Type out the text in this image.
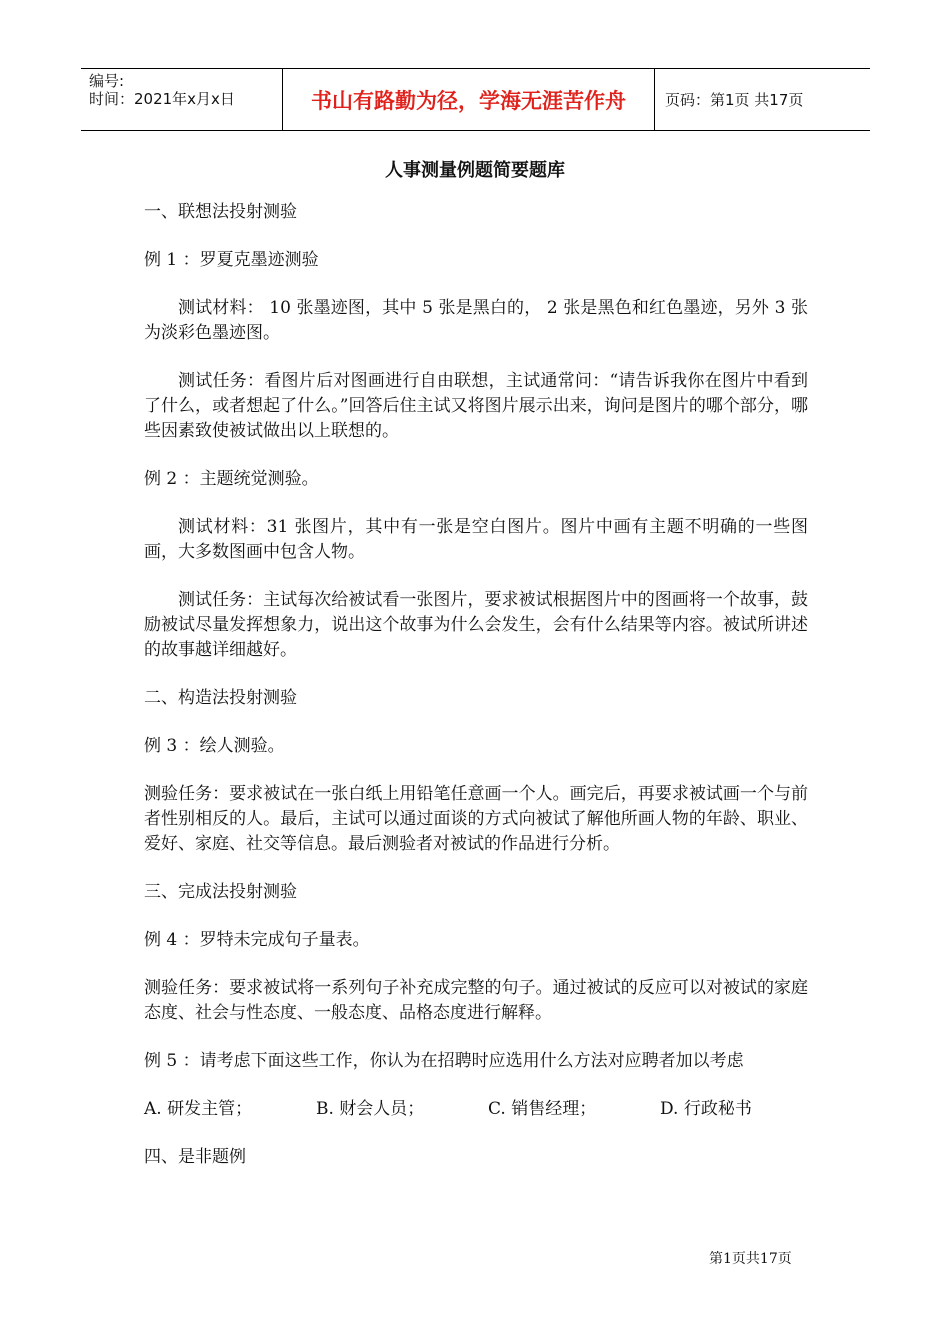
编号:
时间：2021年x月x日	书山有路勤为径，学海无涯苦作舟	页码：第1页 共17页
人事测量例题简要题库

一、联想法投射测验

例 1 ：罗夏克墨迹测验

测试材料： 10 张墨迹图，其中 5 张是黑白的， 2 张是黑色和红色墨迹，另外 3 张为淡彩色墨迹图。

测试任务：看图片后对图画进行自由联想，主试通常问：“请告诉我你在图片中看到了什么，或者想起了什么。”回答后住主试又将图片展示出来，询问是图片的哪个部分，哪些因素致使被试做出以上联想的。

例 2 ：主题统觉测验。

测试材料：31 张图片，其中有一张是空白图片。图片中画有主题不明确的一些图画，大多数图画中包含人物。

测试任务：主试每次给被试看一张图片，要求被试根据图片中的图画将一个故事，鼓励被试尽量发挥想象力，说出这个故事为什么会发生，会有什么结果等内容。被试所讲述的故事越详细越好。

二、构造法投射测验

例 3 ：绘人测验。

测验任务：要求被试在一张白纸上用铅笔任意画一个人。画完后，再要求被试画一个与前者性别相反的人。最后，主试可以通过面谈的方式向被试了解他所画人物的年龄、职业、爱好、家庭、社交等信息。最后测验者对被试的作品进行分析。

三、完成法投射测验

例 4 ：罗特未完成句子量表。

测验任务：要求被试将一系列句子补充成完整的句子。通过被试的反应可以对被试的家庭态度、社会与性态度、一般态度、品格态度进行解释。

例 5 ：请考虑下面这些工作，你认为在招聘时应选用什么方法对应聘者加以考虑

A. 研发主管；	B. 财会人员；	C. 销售经理；	D. 行政秘书

四、是非题例

第1页共17页
